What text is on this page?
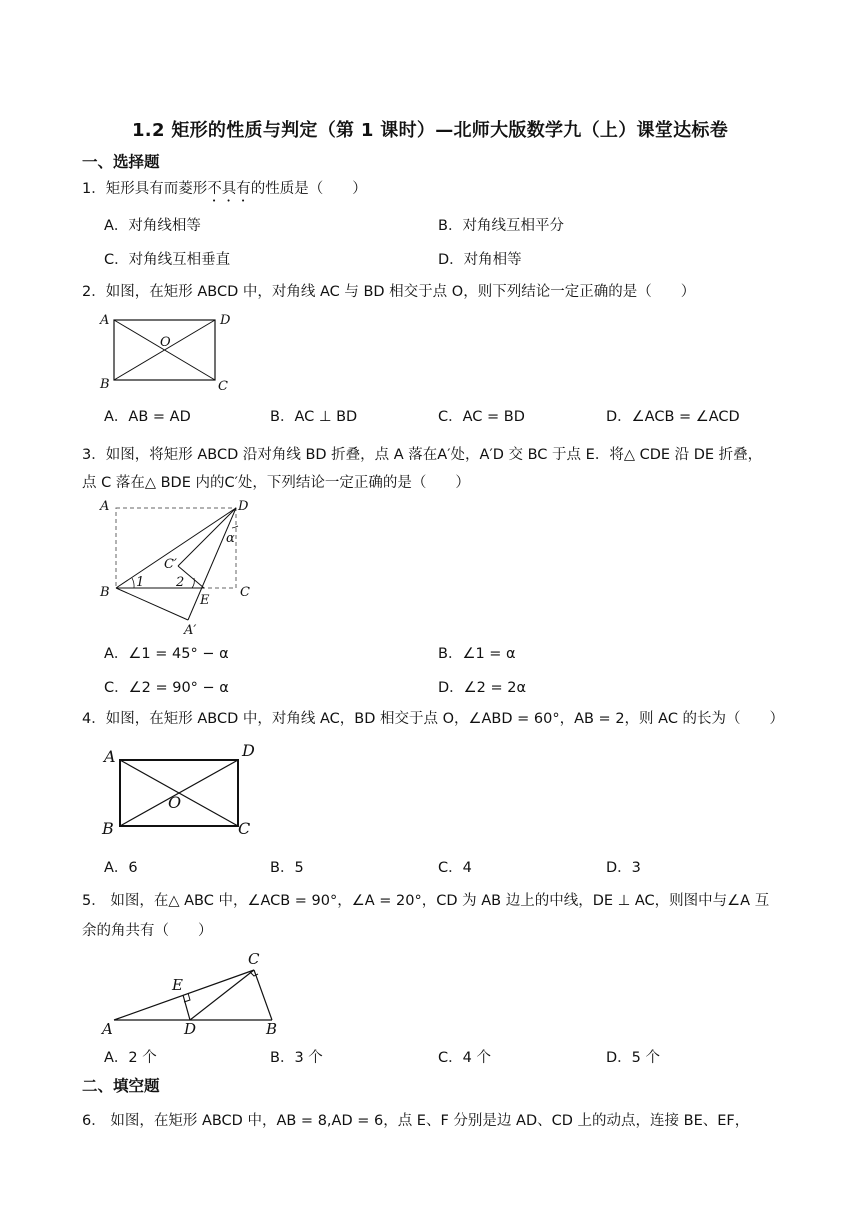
1.2 矩形的性质与判定（第 1 课时）—北师大版数学九（上）课堂达标卷
一、选择题
1．矩形具有而菱形不具有的性质是（　　）
A．对角线相等	B．对角线互相平分
C．对角线互相垂直	D．对角相等
2．如图，在矩形 ABCD 中，对角线 AC 与 BD 相交于点 O，则下列结论一定正确的是（　　）
A	D
O
B	C
A．AB = AD	B．AC ⊥ BD	C．AC = BD	D．∠ACB = ∠ACD
3．如图，将矩形 ABCD 沿对角线 BD 折叠，点 A 落在A′处，A′D 交 BC 于点 E．将△ CDE 沿 DE 折叠，
点 C 落在△ BDE 内的C′处，下列结论一定正确的是（　　）
A	D
α
C′
B
1 2
E
C
A′
A．∠1 = 45° − α	B．∠1 = α
C．∠2 = 90° − α	D．∠2 = 2α
4．如图，在矩形 ABCD 中，对角线 AC，BD 相交于点 O，∠ABD = 60°，AB = 2，则 AC 的长为（　　）
A	D
O
B	C
A．6	B．5	C．4	D．3
5． 如图，在△ ABC 中，∠ACB = 90°，∠A = 20°，CD 为 AB 边上的中线，DE ⊥ AC，则图中与∠A 互
余的角共有（　　）
C
E
A	D	B
A．2 个	B．3 个	C．4 个	D．5 个
二、填空题
6． 如图，在矩形 ABCD 中，AB = 8,AD = 6，点 E、F 分别是边 AD、CD 上的动点，连接 BE、EF，
